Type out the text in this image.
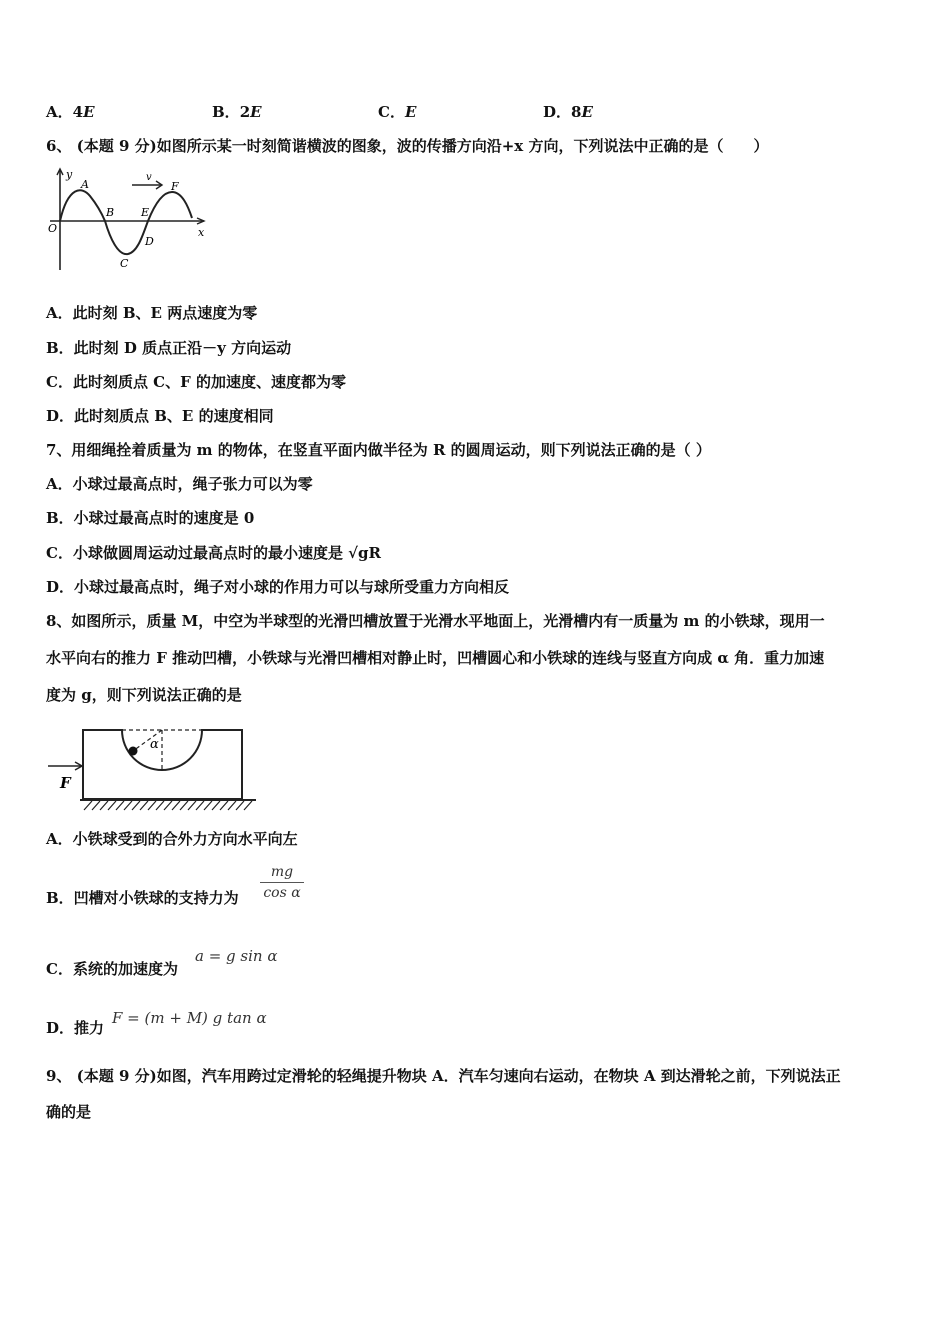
A．4E	B．2E	C．E	D．8E
6、 (本题 9 分)如图所示某一时刻简谐横波的图象，波的传播方向沿+x 方向，下列说法中正确的是（　　）
y
x
O
A
B
C
D
E
F
v
A．此时刻 B、E 两点速度为零
B．此时刻 D 质点正沿－y 方向运动
C．此时刻质点 C、F 的加速度、速度都为零
D．此时刻质点 B、E 的速度相同
7、用细绳拴着质量为 m 的物体，在竖直平面内做半径为 R 的圆周运动，则下列说法正确的是（ ）
A．小球过最高点时，绳子张力可以为零
B．小球过最高点时的速度是 0
C．小球做圆周运动过最高点时的最小速度是 √gR
D．小球过最高点时，绳子对小球的作用力可以与球所受重力方向相反
8、如图所示，质量 M，中空为半球型的光滑凹槽放置于光滑水平地面上，光滑槽内有一质量为 m 的小铁球，现用一
水平向右的推力 F 推动凹槽，小铁球与光滑凹槽相对静止时，凹槽圆心和小铁球的连线与竖直方向成 α 角．重力加速
度为 g，则下列说法正确的是
F
α
A．小铁球受到的合外力方向水平向左
B．凹槽对小铁球的支持力为 $\frac{mg}{\text{cos α}}$
C．系统的加速度为
a = g sin α
D．推力
F = (m + M) g tan α
9、 (本题 9 分)如图，汽车用跨过定滑轮的轻绳提升物块 A．汽车匀速向右运动，在物块 A 到达滑轮之前，下列说法正
确的是
